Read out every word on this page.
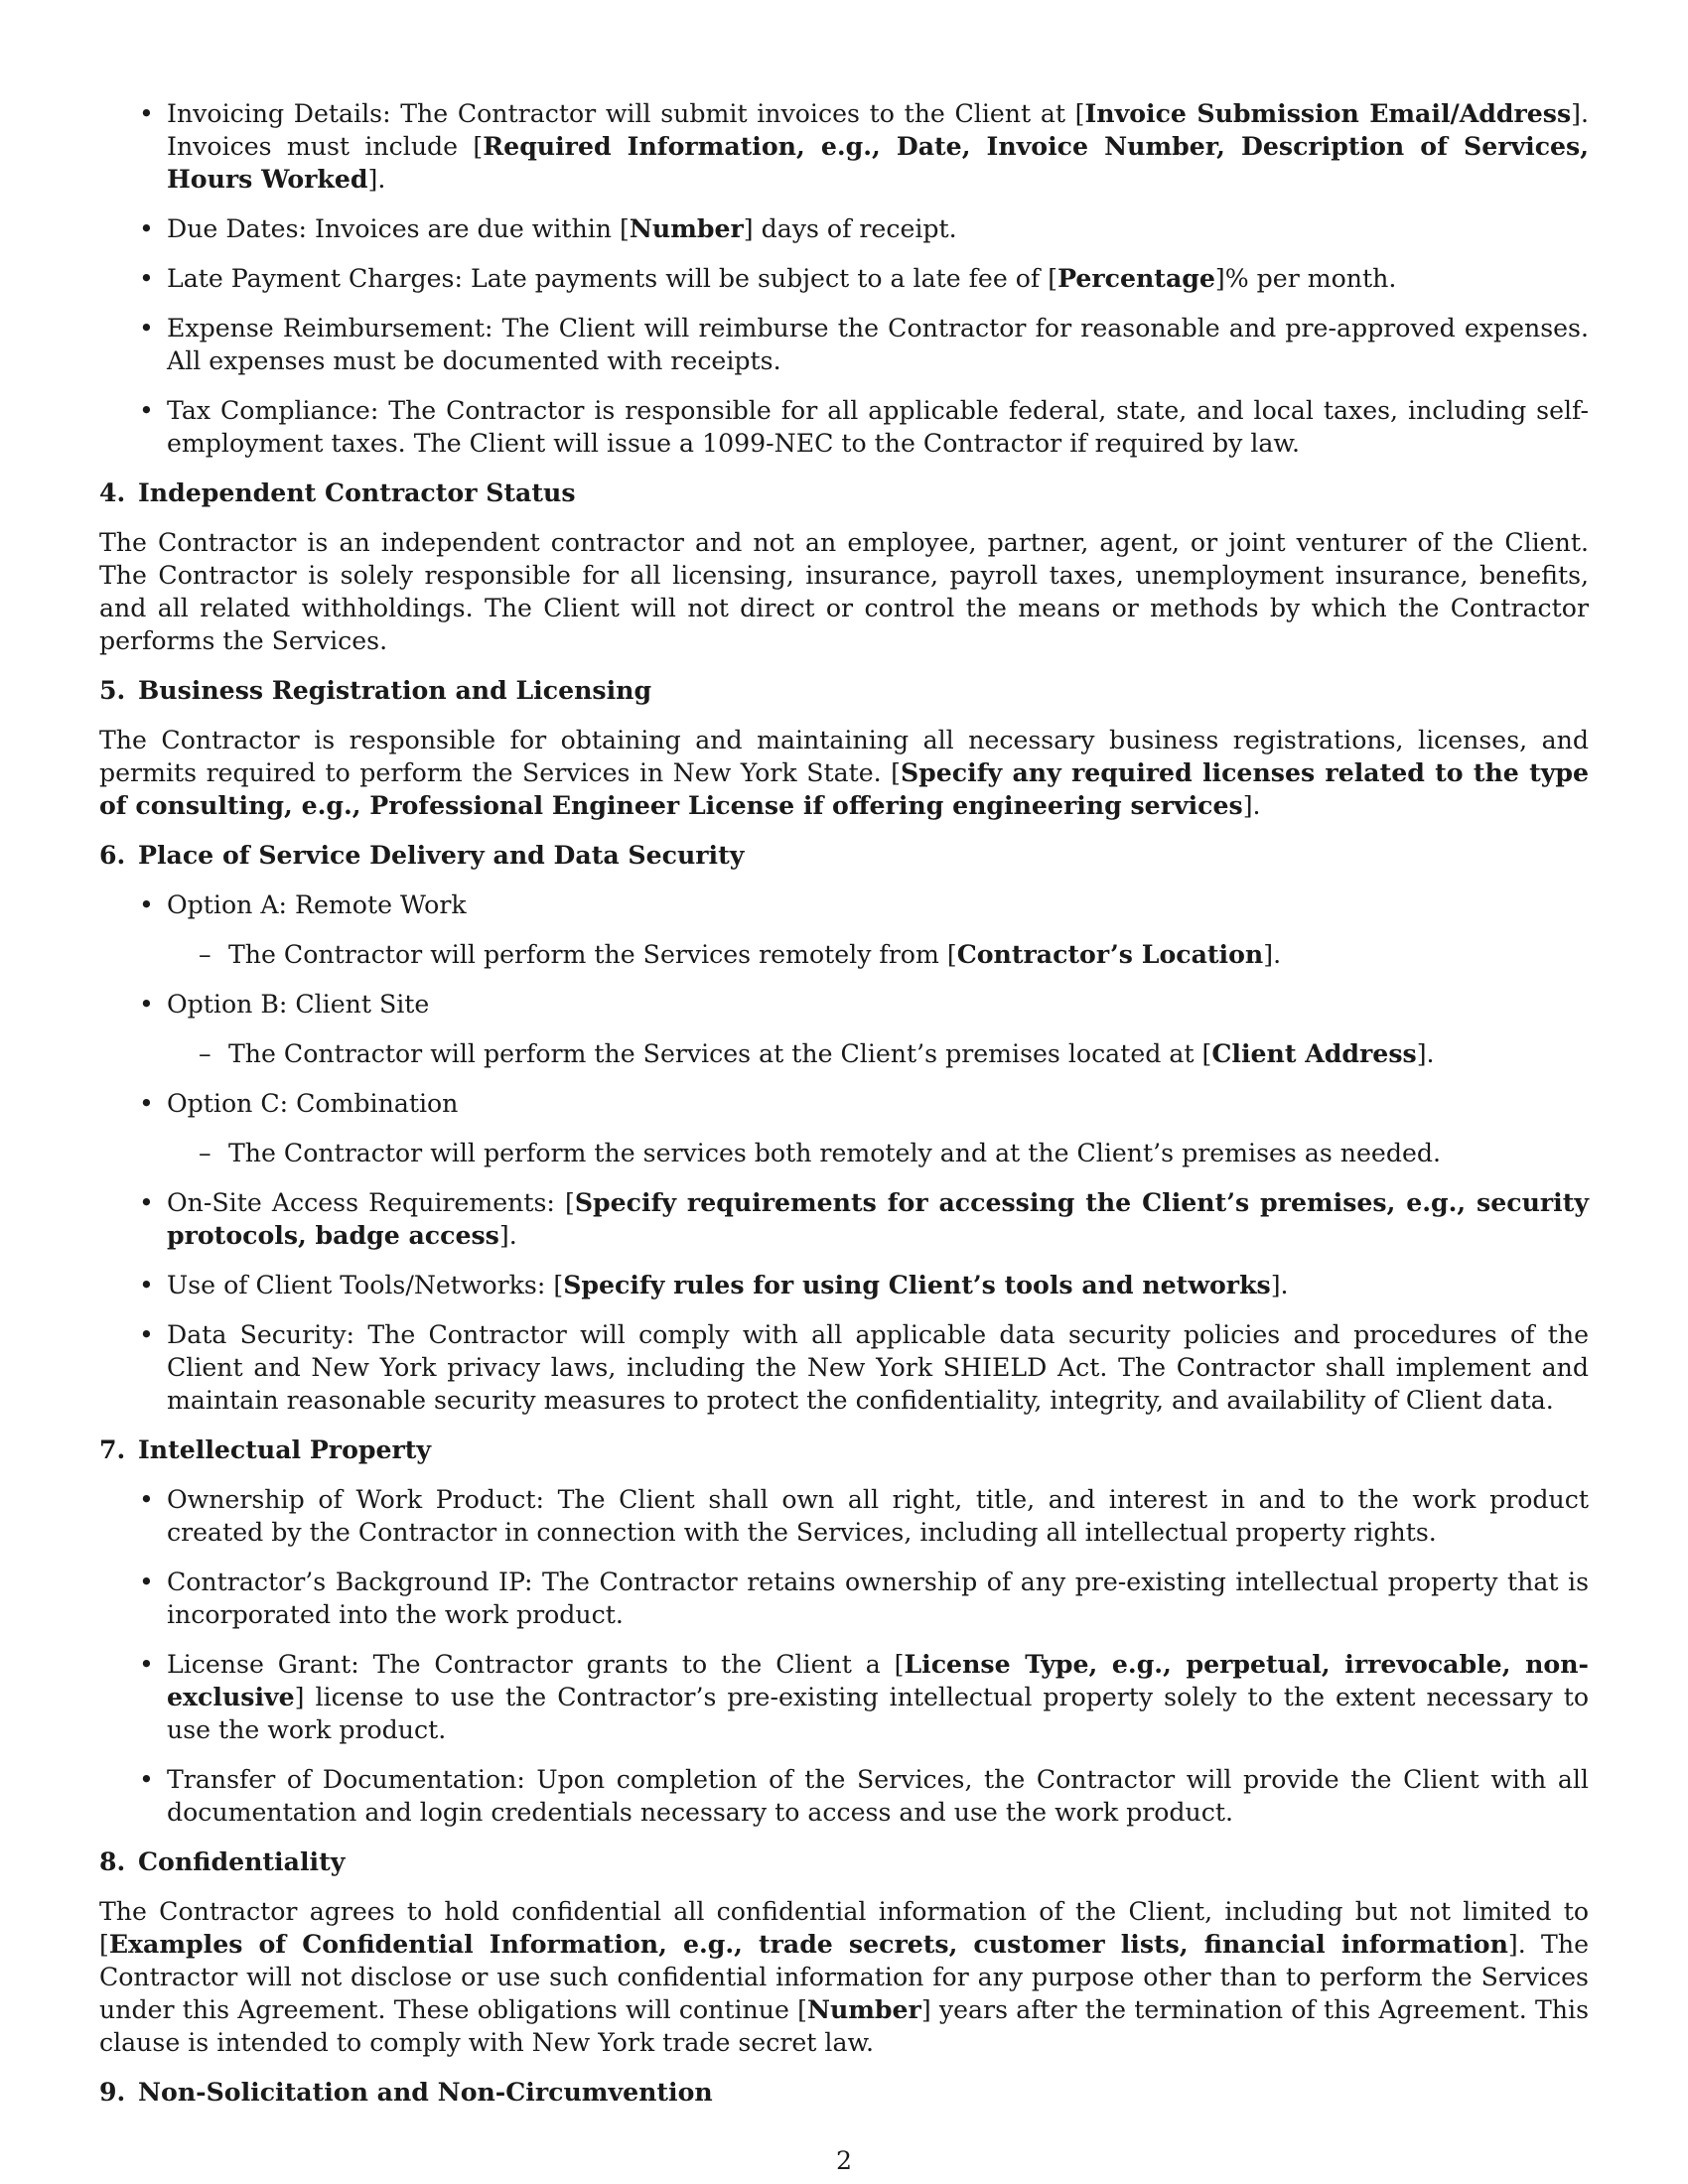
• Invoicing Details: The Contractor will submit invoices to the Client at [Invoice Submission Email/Address]. Invoices must include [Required Information, e.g., Date, Invoice Number, Description of Services, Hours Worked].
• Due Dates: Invoices are due within [Number] days of receipt.
• Late Payment Charges: Late payments will be subject to a late fee of [Percentage]% per month.
• Expense Reimbursement: The Client will reimburse the Contractor for reasonable and pre-approved expenses. All expenses must be documented with receipts.
• Tax Compliance: The Contractor is responsible for all applicable federal, state, and local taxes, including self-employment taxes. The Client will issue a 1099-NEC to the Contractor if required by law.
4. Independent Contractor Status

The Contractor is an independent contractor and not an employee, partner, agent, or joint venturer of the Client. The Contractor is solely responsible for all licensing, insurance, payroll taxes, unemployment insurance, benefits, and all related withholdings. The Client will not direct or control the means or methods by which the Contractor performs the Services.

5. Business Registration and Licensing

The Contractor is responsible for obtaining and maintaining all necessary business registrations, licenses, and permits required to perform the Services in New York State. [Specify any required licenses related to the type of consulting, e.g., Professional Engineer License if offering engineering services].

6. Place of Service Delivery and Data Security
• Option A: Remote Work
– The Contractor will perform the Services remotely from [Contractor’s Location].
• Option B: Client Site
– The Contractor will perform the Services at the Client’s premises located at [Client Address].
• Option C: Combination
– The Contractor will perform the services both remotely and at the Client’s premises as needed.
• On-Site Access Requirements: [Specify requirements for accessing the Client’s premises, e.g., security protocols, badge access].
• Use of Client Tools/Networks: [Specify rules for using Client’s tools and networks].
• Data Security: The Contractor will comply with all applicable data security policies and procedures of the Client and New York privacy laws, including the New York SHIELD Act. The Contractor shall implement and maintain reasonable security measures to protect the confidentiality, integrity, and availability of Client data.
7. Intellectual Property
• Ownership of Work Product: The Client shall own all right, title, and interest in and to the work product created by the Contractor in connection with the Services, including all intellectual property rights.
• Contractor’s Background IP: The Contractor retains ownership of any pre-existing intellectual property that is incorporated into the work product.
• License Grant: The Contractor grants to the Client a [License Type, e.g., perpetual, irrevocable, non-exclusive] license to use the Contractor’s pre-existing intellectual property solely to the extent necessary to use the work product.
• Transfer of Documentation: Upon completion of the Services, the Contractor will provide the Client with all documentation and login credentials necessary to access and use the work product.
8. Confidentiality

The Contractor agrees to hold confidential all confidential information of the Client, including but not limited to [Examples of Confidential Information, e.g., trade secrets, customer lists, financial information]. The Contractor will not disclose or use such confidential information for any purpose other than to perform the Services under this Agreement. These obligations will continue [Number] years after the termination of this Agreement. This clause is intended to comply with New York trade secret law.

9. Non-Solicitation and Non-Circumvention
2
